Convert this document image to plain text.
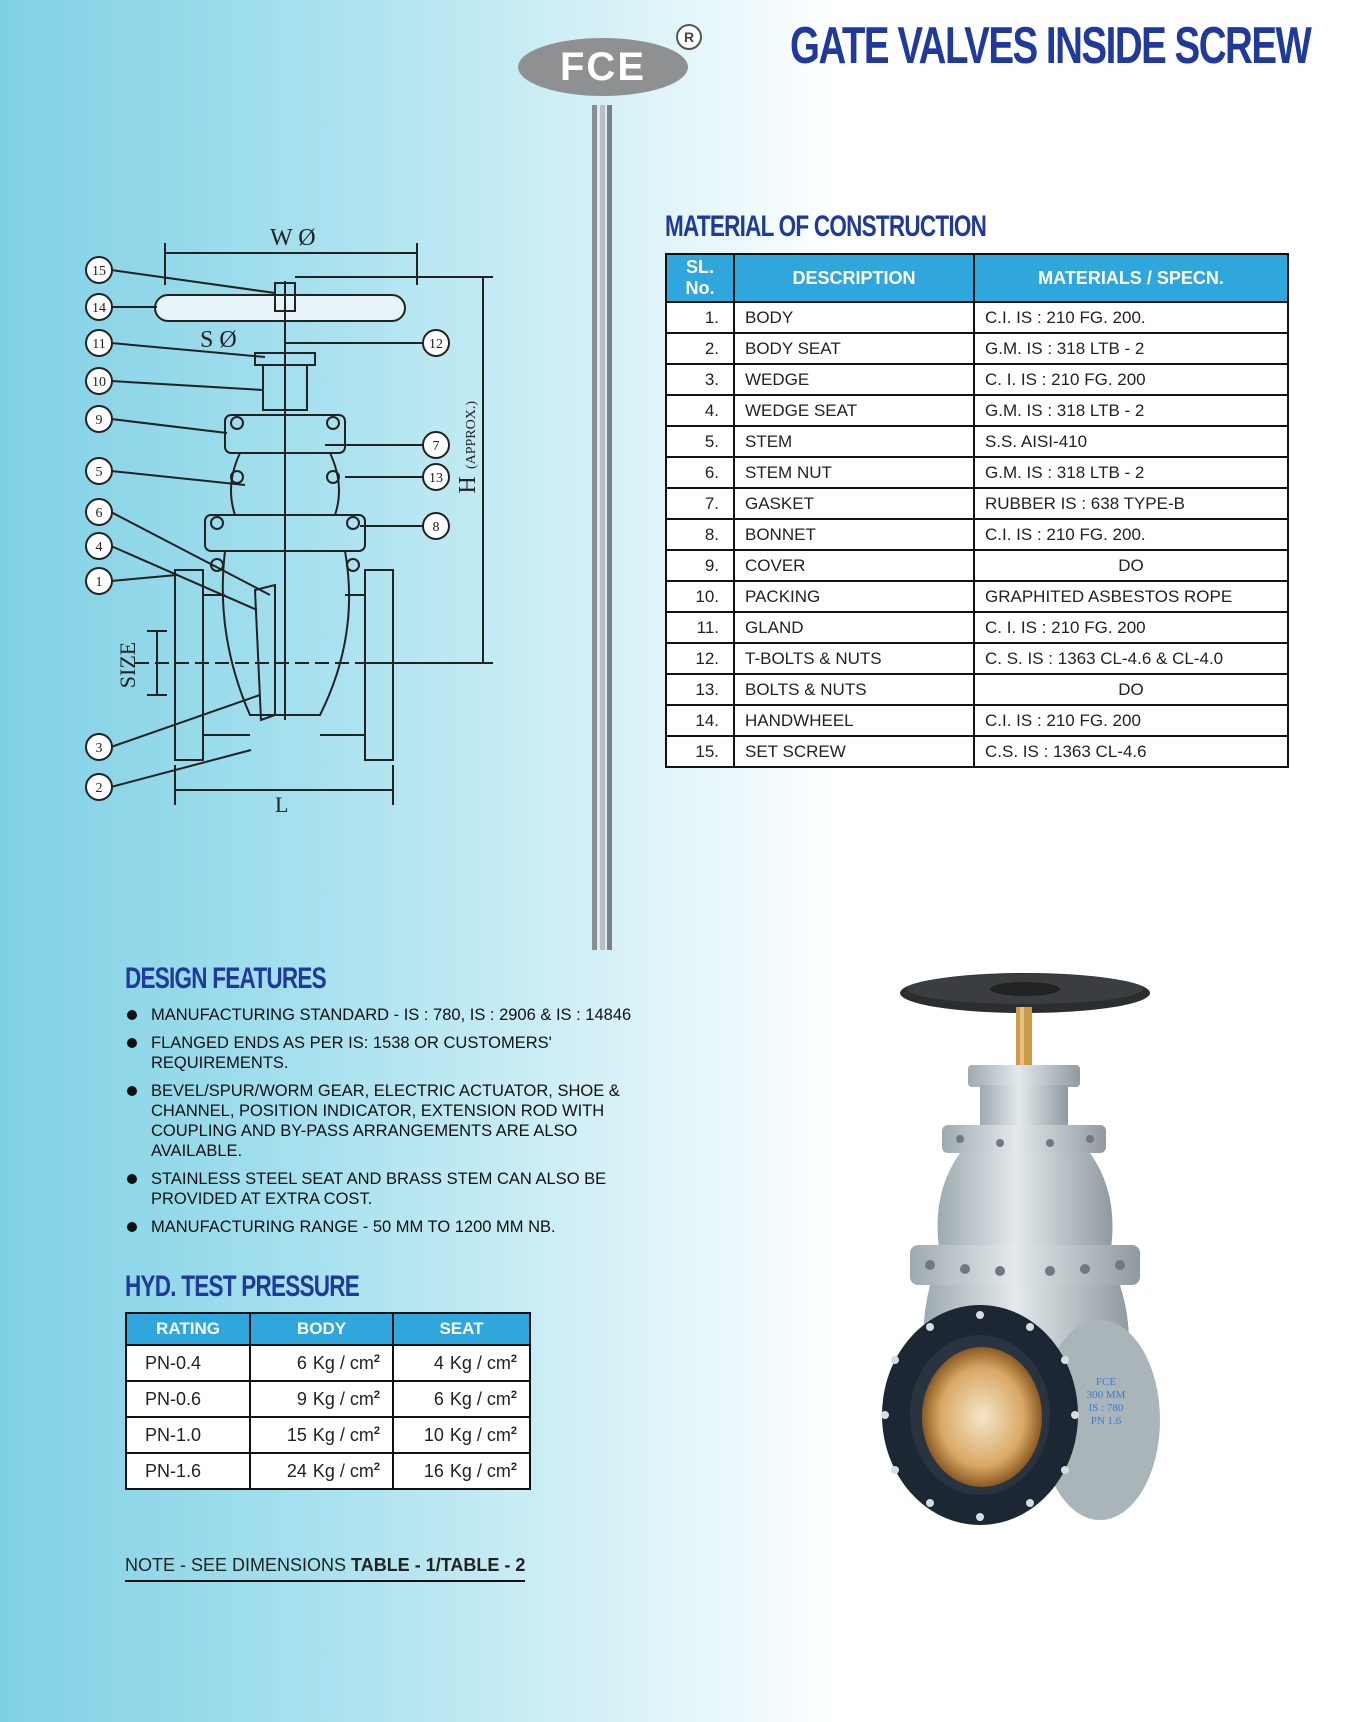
FCE
R GATE VALVES INSIDE SCREW
15
14
11
10
9
5
6
4
1
3
2
12
7
13
8
W Ø
S Ø
H
(APPROX.)
SIZE
L
MATERIAL OF CONSTRUCTION
SL.
No.	DESCRIPTION	MATERIALS / SPECN.
1.	BODY	C.I. IS : 210 FG. 200.
2.	BODY SEAT	G.M. IS : 318 LTB - 2
3.	WEDGE	C. I. IS : 210 FG. 200
4.	WEDGE SEAT	G.M. IS : 318 LTB - 2
5.	STEM	S.S. AISI-410
6.	STEM NUT	G.M. IS : 318 LTB - 2
7.	GASKET	RUBBER IS : 638 TYPE-B
8.	BONNET	C.I. IS : 210 FG. 200.
9.	COVER	DO
10.	PACKING	GRAPHITED ASBESTOS ROPE
11.	GLAND	C. I. IS : 210 FG. 200
12.	T-BOLTS & NUTS	C. S. IS : 1363 CL-4.6 & CL-4.0
13.	BOLTS & NUTS	DO
14.	HANDWHEEL	C.I. IS : 210 FG. 200
15.	SET SCREW	C.S. IS : 1363 CL-4.6
DESIGN FEATURES
MANUFACTURING STANDARD - IS : 780, IS : 2906 & IS : 14846
FLANGED ENDS AS PER IS: 1538 OR CUSTOMERS' REQUIREMENTS.
BEVEL/SPUR/WORM GEAR, ELECTRIC ACTUATOR, SHOE & CHANNEL, POSITION INDICATOR, EXTENSION ROD WITH COUPLING AND BY-PASS ARRANGEMENTS ARE ALSO AVAILABLE.
STAINLESS STEEL SEAT AND BRASS STEM CAN ALSO BE PROVIDED AT EXTRA COST.
MANUFACTURING RANGE - 50 MM TO 1200 MM NB.
HYD. TEST PRESSURE
RATING	BODY	SEAT
PN-0.4	6 Kg / $cm^2$	4 Kg / $cm^2$
PN-0.6	9 Kg / $cm^2$	6 Kg / $cm^2$
PN-1.0	15 Kg / $cm^2$	10 Kg / $cm^2$
PN-1.6	24 Kg / $cm^2$	16 Kg / $cm^2$
NOTE - SEE DIMENSIONS TABLE - 1/TABLE - 2
FCE
300 MM
IS : 780
PN 1.6
